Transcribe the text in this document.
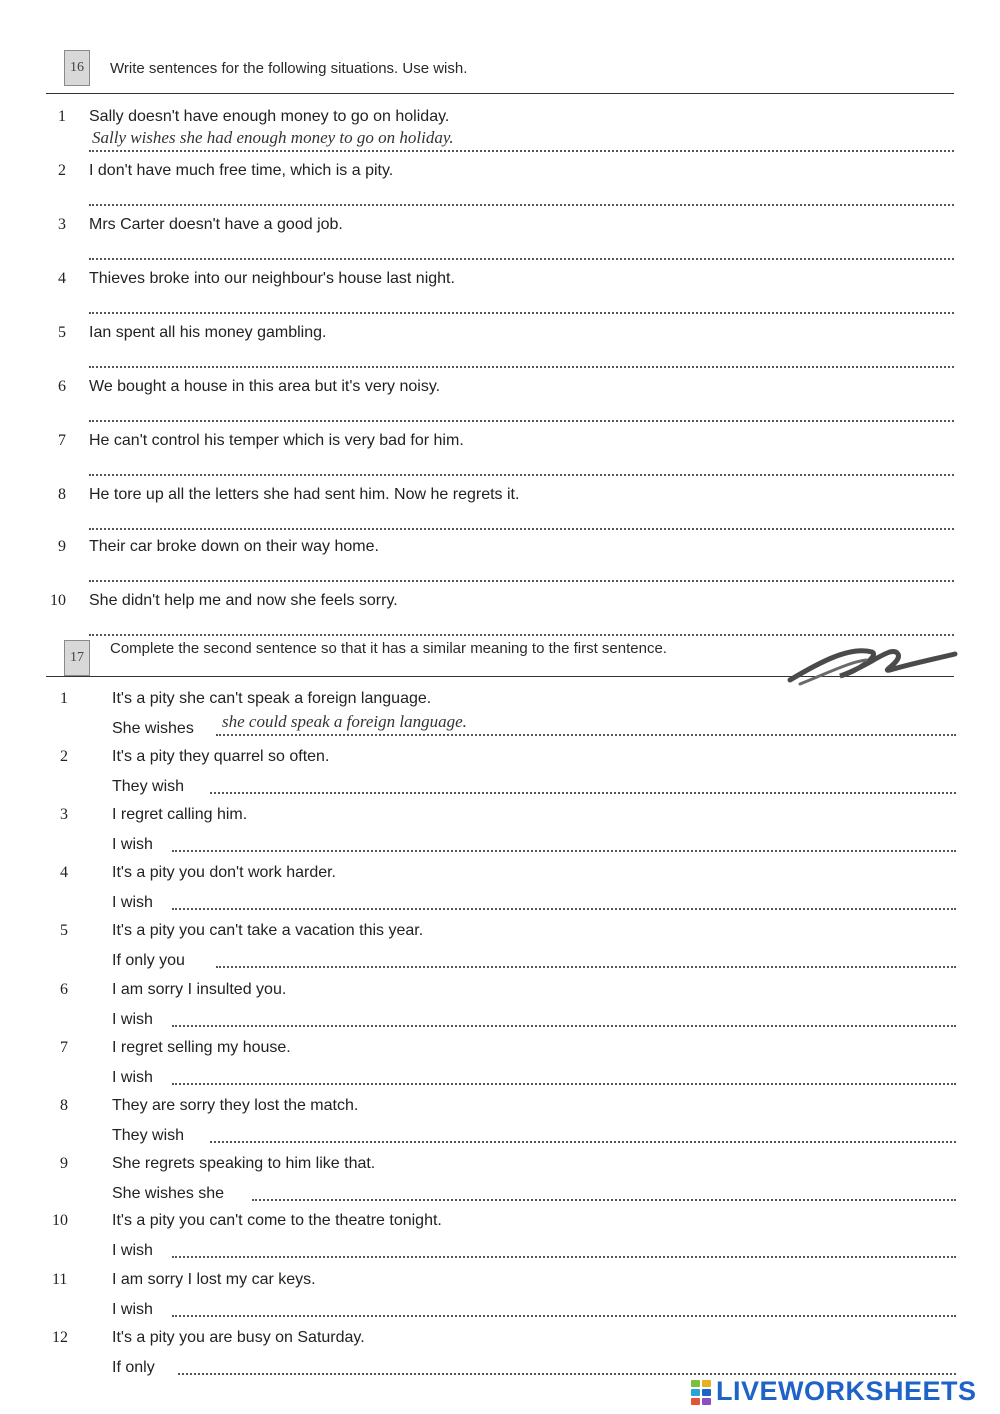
16	Write sentences for the following situations. Use wish.
1	Sally doesn't have enough money to go on holiday.
Sally wishes she had enough money to go on holiday.
2	I don't have much free time, which is a pity.
3	Mrs Carter doesn't have a good job.
4	Thieves broke into our neighbour's house last night.
5	Ian spent all his money gambling.
6	We bought a house in this area but it's very noisy.
7	He can't control his temper which is very bad for him.
8	He tore up all the letters she had sent him. Now he regrets it.
9	Their car broke down on their way home.
10	She didn't help me and now she feels sorry.
17
Complete the second sentence so that it has a similar meaning to the first sentence.
1	It's a pity she can't speak a foreign language.
She wishes she could speak a foreign language.
2	It's a pity they quarrel so often.
They wish
3	I regret calling him.
I wish
4	It's a pity you don't work harder.
I wish
5	It's a pity you can't take a vacation this year.
If only you
6	I am sorry I insulted you.
I wish
7	I regret selling my house.
I wish
8	They are sorry they lost the match.
They wish
9	She regrets speaking to him like that.
She wishes she
10	It's a pity you can't come to the theatre tonight.
I wish
11	I am sorry I lost my car keys.
I wish
12	It's a pity you are busy on Saturday.
If only
LIVEWORKSHEETS
